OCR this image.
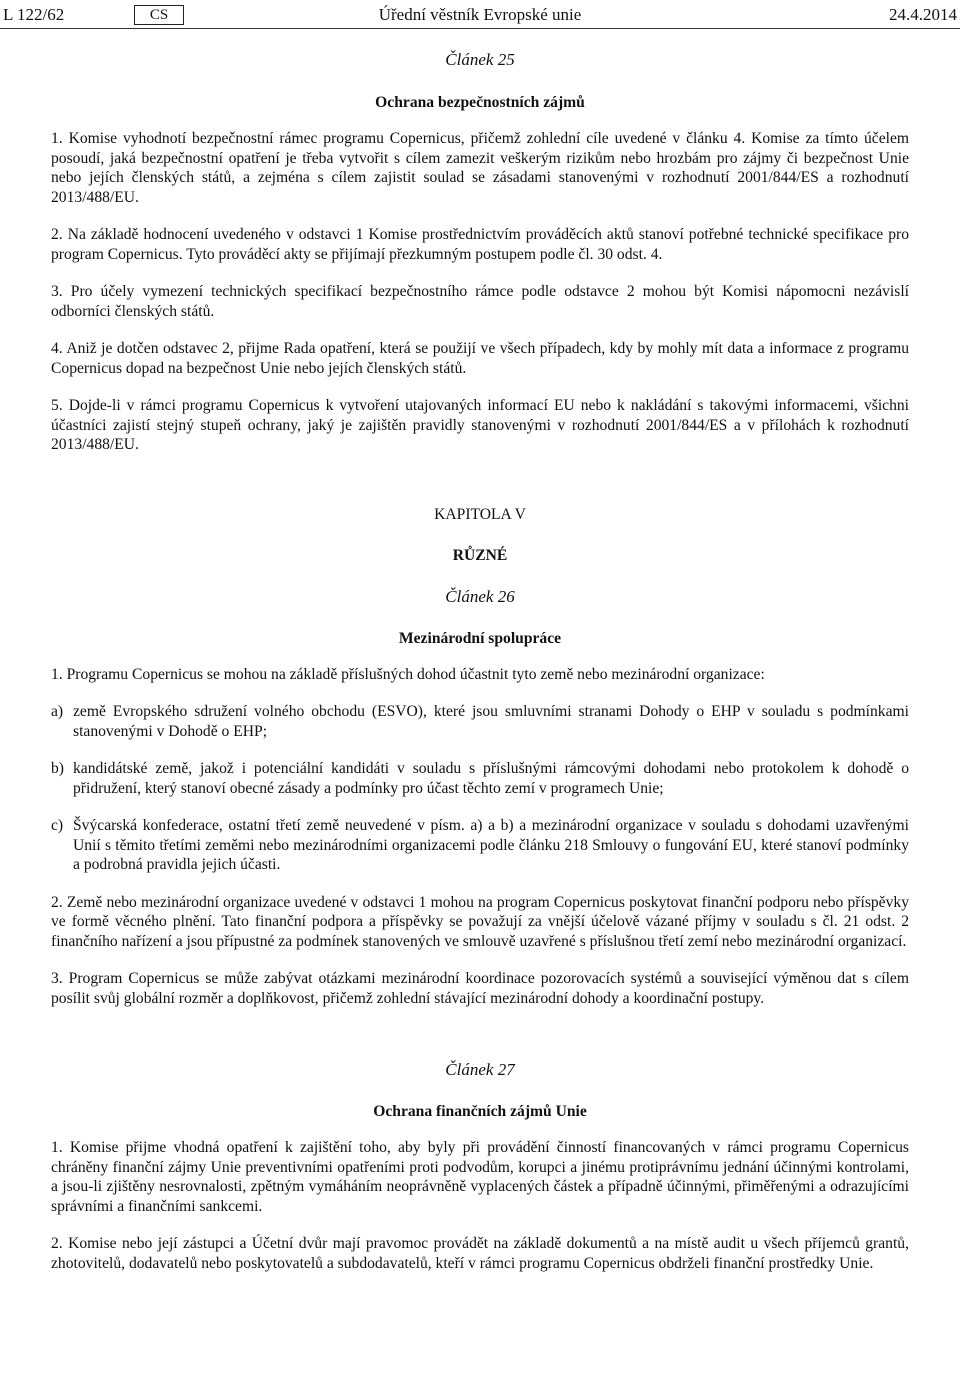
L 122/62	CS	Úřední věstník Evropské unie	24.4.2014
Článek 25
Ochrana bezpečnostních zájmů

1. Komise vyhodnotí bezpečnostní rámec programu Copernicus, přičemž zohlední cíle uvedené v článku 4. Komise za tímto účelem posoudí, jaká bezpečnostní opatření je třeba vytvořit s cílem zamezit veškerým rizikům nebo hrozbám pro zájmy či bezpečnost Unie nebo jejích členských států, a zejména s cílem zajistit soulad se zásadami stanovenými v rozhodnutí 2001/844/ES a rozhodnutí 2013/488/EU.

2. Na základě hodnocení uvedeného v odstavci 1 Komise prostřednictvím prováděcích aktů stanoví potřebné technické specifikace pro program Copernicus. Tyto prováděcí akty se přijímají přezkumným postupem podle čl. 30 odst. 4.

3. Pro účely vymezení technických specifikací bezpečnostního rámce podle odstavce 2 mohou být Komisi nápomocni nezávislí odborníci členských států.

4. Aniž je dotčen odstavec 2, přijme Rada opatření, která se použijí ve všech případech, kdy by mohly mít data a informace z programu Copernicus dopad na bezpečnost Unie nebo jejích členských států.

5. Dojde-li v rámci programu Copernicus k vytvoření utajovaných informací EU nebo k nakládání s takovými informacemi, všichni účastníci zajistí stejný stupeň ochrany, jaký je zajištěn pravidly stanovenými v rozhodnutí 2001/844/ES a v přílohách k rozhodnutí 2013/488/EU.

KAPITOLA V
RŮZNÉ
Článek 26
Mezinárodní spolupráce

1. Programu Copernicus se mohou na základě příslušných dohod účastnit tyto země nebo mezinárodní organizace:

a) země Evropského sdružení volného obchodu (ESVO), které jsou smluvními stranami Dohody o EHP v souladu s podmínkami stanovenými v Dohodě o EHP;
b) kandidátské země, jakož i potenciální kandidáti v souladu s příslušnými rámcovými dohodami nebo protokolem k dohodě o přidružení, který stanoví obecné zásady a podmínky pro účast těchto zemí v programech Unie;
c) Švýcarská konfederace, ostatní třetí země neuvedené v písm. a) a b) a mezinárodní organizace v souladu s dohodami uzavřenými Unií s těmito třetími zeměmi nebo mezinárodními organizacemi podle článku 218 Smlouvy o fungování EU, které stanoví podmínky a podrobná pravidla jejich účasti.

2. Země nebo mezinárodní organizace uvedené v odstavci 1 mohou na program Copernicus poskytovat finanční podporu nebo příspěvky ve formě věcného plnění. Tato finanční podpora a příspěvky se považují za vnější účelově vázané příjmy v souladu s čl. 21 odst. 2 finančního nařízení a jsou přípustné za podmínek stanovených ve smlouvě uzavřené s příslušnou třetí zemí nebo mezinárodní organizací.

3. Program Copernicus se může zabývat otázkami mezinárodní koordinace pozorovacích systémů a související výměnou dat s cílem posílit svůj globální rozměr a doplňkovost, přičemž zohlední stávající mezinárodní dohody a koordinační postupy.

Článek 27
Ochrana finančních zájmů Unie

1. Komise přijme vhodná opatření k zajištění toho, aby byly při provádění činností financovaných v rámci programu Copernicus chráněny finanční zájmy Unie preventivními opatřeními proti podvodům, korupci a jinému protiprávnímu jednání účinnými kontrolami, a jsou-li zjištěny nesrovnalosti, zpětným vymáháním neoprávněně vyplacených částek a případně účinnými, přiměřenými a odrazujícími správními a finančními sankcemi.

2. Komise nebo její zástupci a Účetní dvůr mají pravomoc provádět na základě dokumentů a na místě audit u všech příjemců grantů, zhotovitelů, dodavatelů nebo poskytovatelů a subdodavatelů, kteří v rámci programu Copernicus obdrželi finanční prostředky Unie.
